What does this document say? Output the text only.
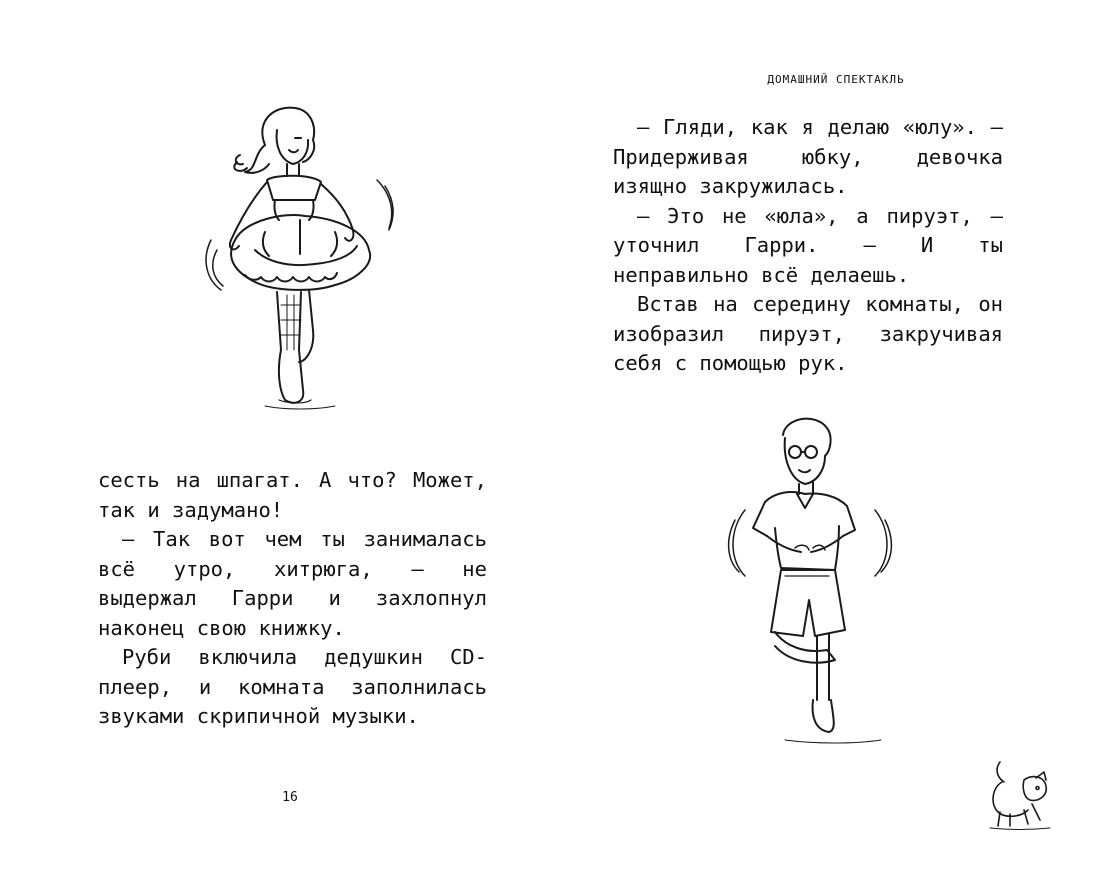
сесть на шпагат. А что? Может, так и задумано!

– Так вот чем ты занималась всё утро, хитрюга, – не выдержал Гарри и захлопнул наконец свою книжку.

Руби включила дедушкин CD-плеер, и комната заполнилась звуками скрипичной музыки.

16
ДОМАШНИЙ СПЕКТАКЛЬ

– Гляди, как я делаю «юлу». – Придерживая юбку, девочка изящно закружилась.

– Это не «юла», а пируэт, – уточнил Гарри. – И ты неправильно всё делаешь.

Встав на середину комнаты, он изобразил пируэт, закручивая себя с помощью рук.
